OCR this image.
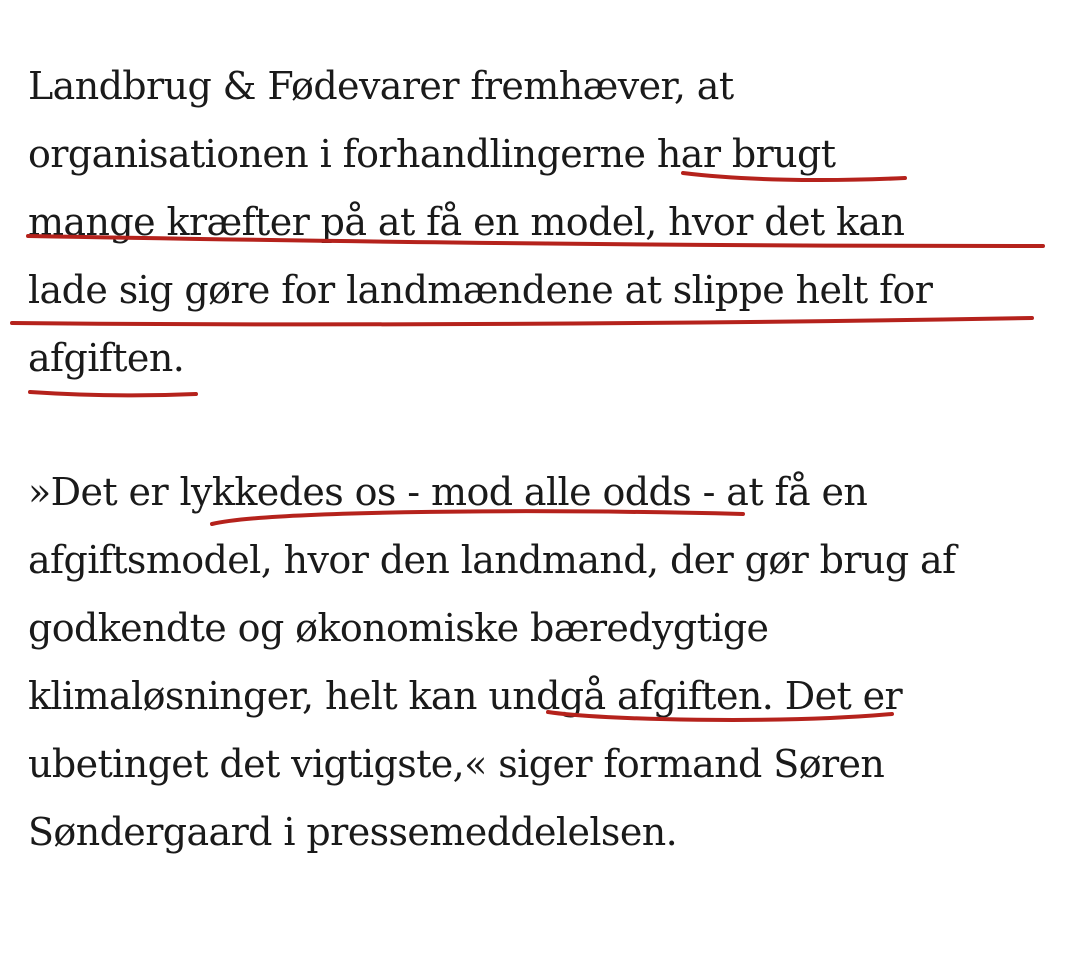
Landbrug & Fødevarer fremhæver, at
organisationen i forhandlingerne har brugt
mange kræfter på at få en model, hvor det kan
lade sig gøre for landmændene at slippe helt for
afgiften.

»Det er lykkedes os - mod alle odds - at få en
afgiftsmodel, hvor den landmand, der gør brug af
godkendte og økonomiske bæredygtige
klimaløsninger, helt kan undgå afgiften. Det er
ubetinget det vigtigste,« siger formand Søren
Søndergaard i pressemeddelelsen.
